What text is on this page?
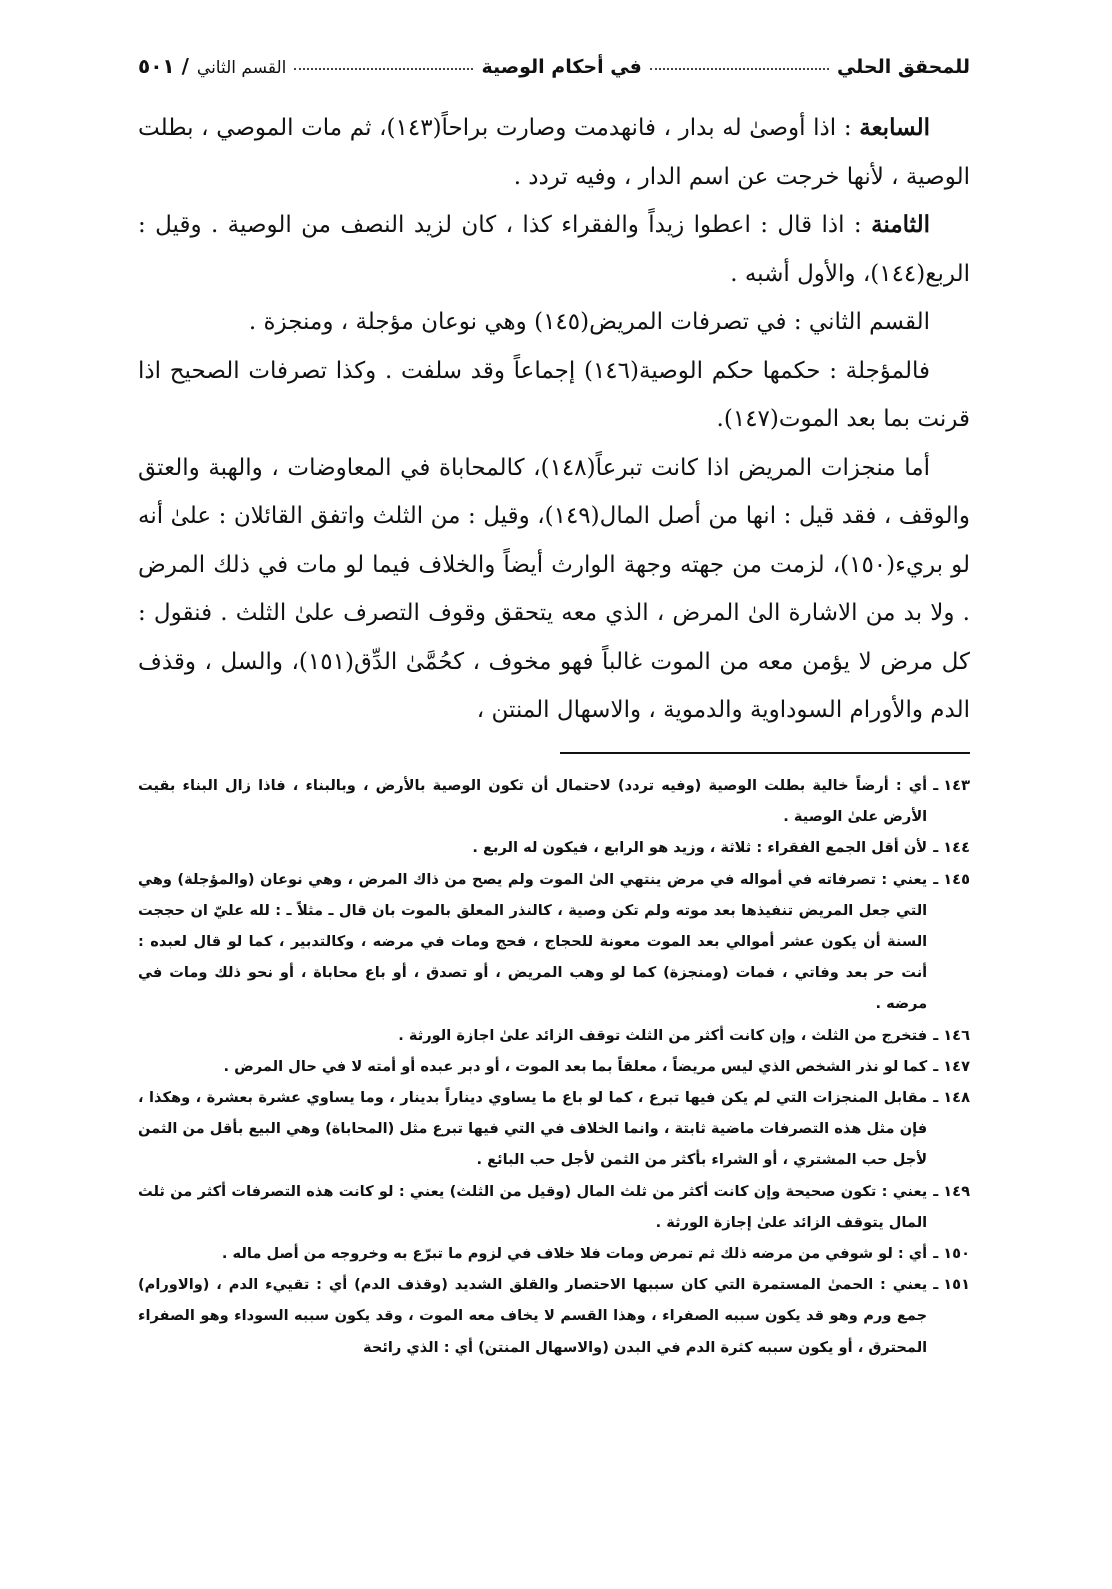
للمحقق الحلي
في أحكام الوصية
القسم الثاني
/ ٥٠١

السابعة : اذا أوصىٰ له بدار ، فانهدمت وصارت براحاً(١٤٣)، ثم مات الموصي ، بطلت الوصية ، لأنها خرجت عن اسم الدار ، وفيه تردد .

الثامنة : اذا قال : اعطوا زيداً والفقراء كذا ، كان لزيد النصف من الوصية . وقيل : الربع(١٤٤)، والأول أشبه .

القسم الثاني : في تصرفات المريض(١٤٥) وهي نوعان مؤجلة ، ومنجزة .

فالمؤجلة : حكمها حكم الوصية(١٤٦) إجماعاً وقد سلفت . وكذا تصرفات الصحيح اذا قرنت بما بعد الموت(١٤٧).

أما منجزات المريض اذا كانت تبرعاً(١٤٨)، كالمحاباة في المعاوضات ، والهبة والعتق والوقف ، فقد قيل : انها من أصل المال(١٤٩)، وقيل : من الثلث واتفق القائلان : علىٰ أنه لو بريء(١٥٠)، لزمت من جهته وجهة الوارث أيضاً والخلاف فيما لو مات في ذلك المرض . ولا بد من الاشارة الىٰ المرض ، الذي معه يتحقق وقوف التصرف علىٰ الثلث . فنقول : كل مرض لا يؤمن معه من الموت غالباً فهو مخوف ، كحُمَّىٰ الدِّق(١٥١)، والسل ، وقذف الدم والأورام السوداوية والدموية ، والاسهال المنتن ،

١٤٣ ـ
أي : أرضاً خالية بطلت الوصية (وفيه تردد) لاحتمال أن تكون الوصية بالأرض ، وبالبناء ، فاذا زال البناء بقيت الأرض علىٰ الوصية .
١٤٤ ـ
لأن أقل الجمع الفقراء : ثلاثة ، وزيد هو الرابع ، فيكون له الربع .
١٤٥ ـ
يعني : تصرفاته في أمواله في مرض ينتهي الىٰ الموت ولم يصح من ذاك المرض ، وهي نوعان (والمؤجلة) وهي التي جعل المريض تنفيذها بعد موته ولم تكن وصية ، كالنذر المعلق بالموت بان قال ـ مثلاً ـ : لله عليّ ان حججت السنة أن يكون عشر أموالي بعد الموت معونة للحجاج ، فحج ومات في مرضه ، وكالتدبير ، كما لو قال لعبده : أنت حر بعد وفاتي ، فمات (ومنجزة) كما لو وهب المريض ، أو تصدق ، أو باع محاباة ، أو نحو ذلك ومات في مرضه .
١٤٦ ـ
فتخرج من الثلث ، وإن كانت أكثر من الثلث توقف الزائد علىٰ اجازة الورثة .
١٤٧ ـ
كما لو نذر الشخص الذي ليس مريضاً ، معلقاً بما بعد الموت ، أو دبر عبده أو أمته لا في حال المرض .
١٤٨ ـ
مقابل المنجزات التي لم يكن فيها تبرع ، كما لو باع ما يساوي ديناراً بدينار ، وما يساوي عشرة بعشرة ، وهكذا ، فإن مثل هذه التصرفات ماضية ثابتة ، وانما الخلاف في التي فيها تبرع مثل (المحاباة) وهي البيع بأقل من الثمن لأجل حب المشتري ، أو الشراء بأكثر من الثمن لأجل حب البائع .
١٤٩ ـ
يعني : تكون صحيحة وإن كانت أكثر من ثلث المال (وقيل من الثلث) يعني : لو كانت هذه التصرفات أكثر من ثلث المال يتوقف الزائد علىٰ إجازة الورثة .
١٥٠ ـ
أي : لو شوفي من مرضه ذلك ثم تمرض ومات فلا خلاف في لزوم ما تبرّع به وخروجه من أصل ماله .
١٥١ ـ
يعني : الحمىٰ المستمرة التي كان سببها الاحتصار والقلق الشديد (وقذف الدم) أي : تقييء الدم ، (والاورام) جمع ورم وهو قد يكون سببه الصفراء ، وهذا القسم لا يخاف معه الموت ، وقد يكون سببه السوداء وهو الصفراء المحترق ، أو يكون سببه كثرة الدم في البدن (والاسهال المنتن) أي : الذي رائحة
